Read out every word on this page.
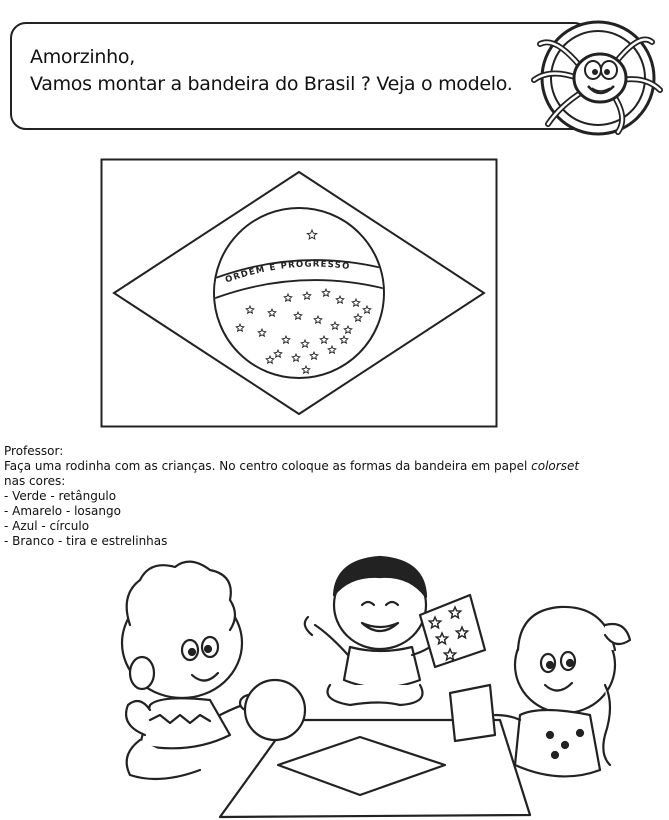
Amorzinho,
Vamos montar a bandeira do Brasil ? Veja o modelo.
ORDEM E PROGRESSO
Professor:
Faça uma rodinha com as crianças. No centro coloque as formas da bandeira em papel colorset
nas cores:
- Verde - retângulo
- Amarelo - losango
- Azul - círculo
- Branco - tira e estrelinhas
